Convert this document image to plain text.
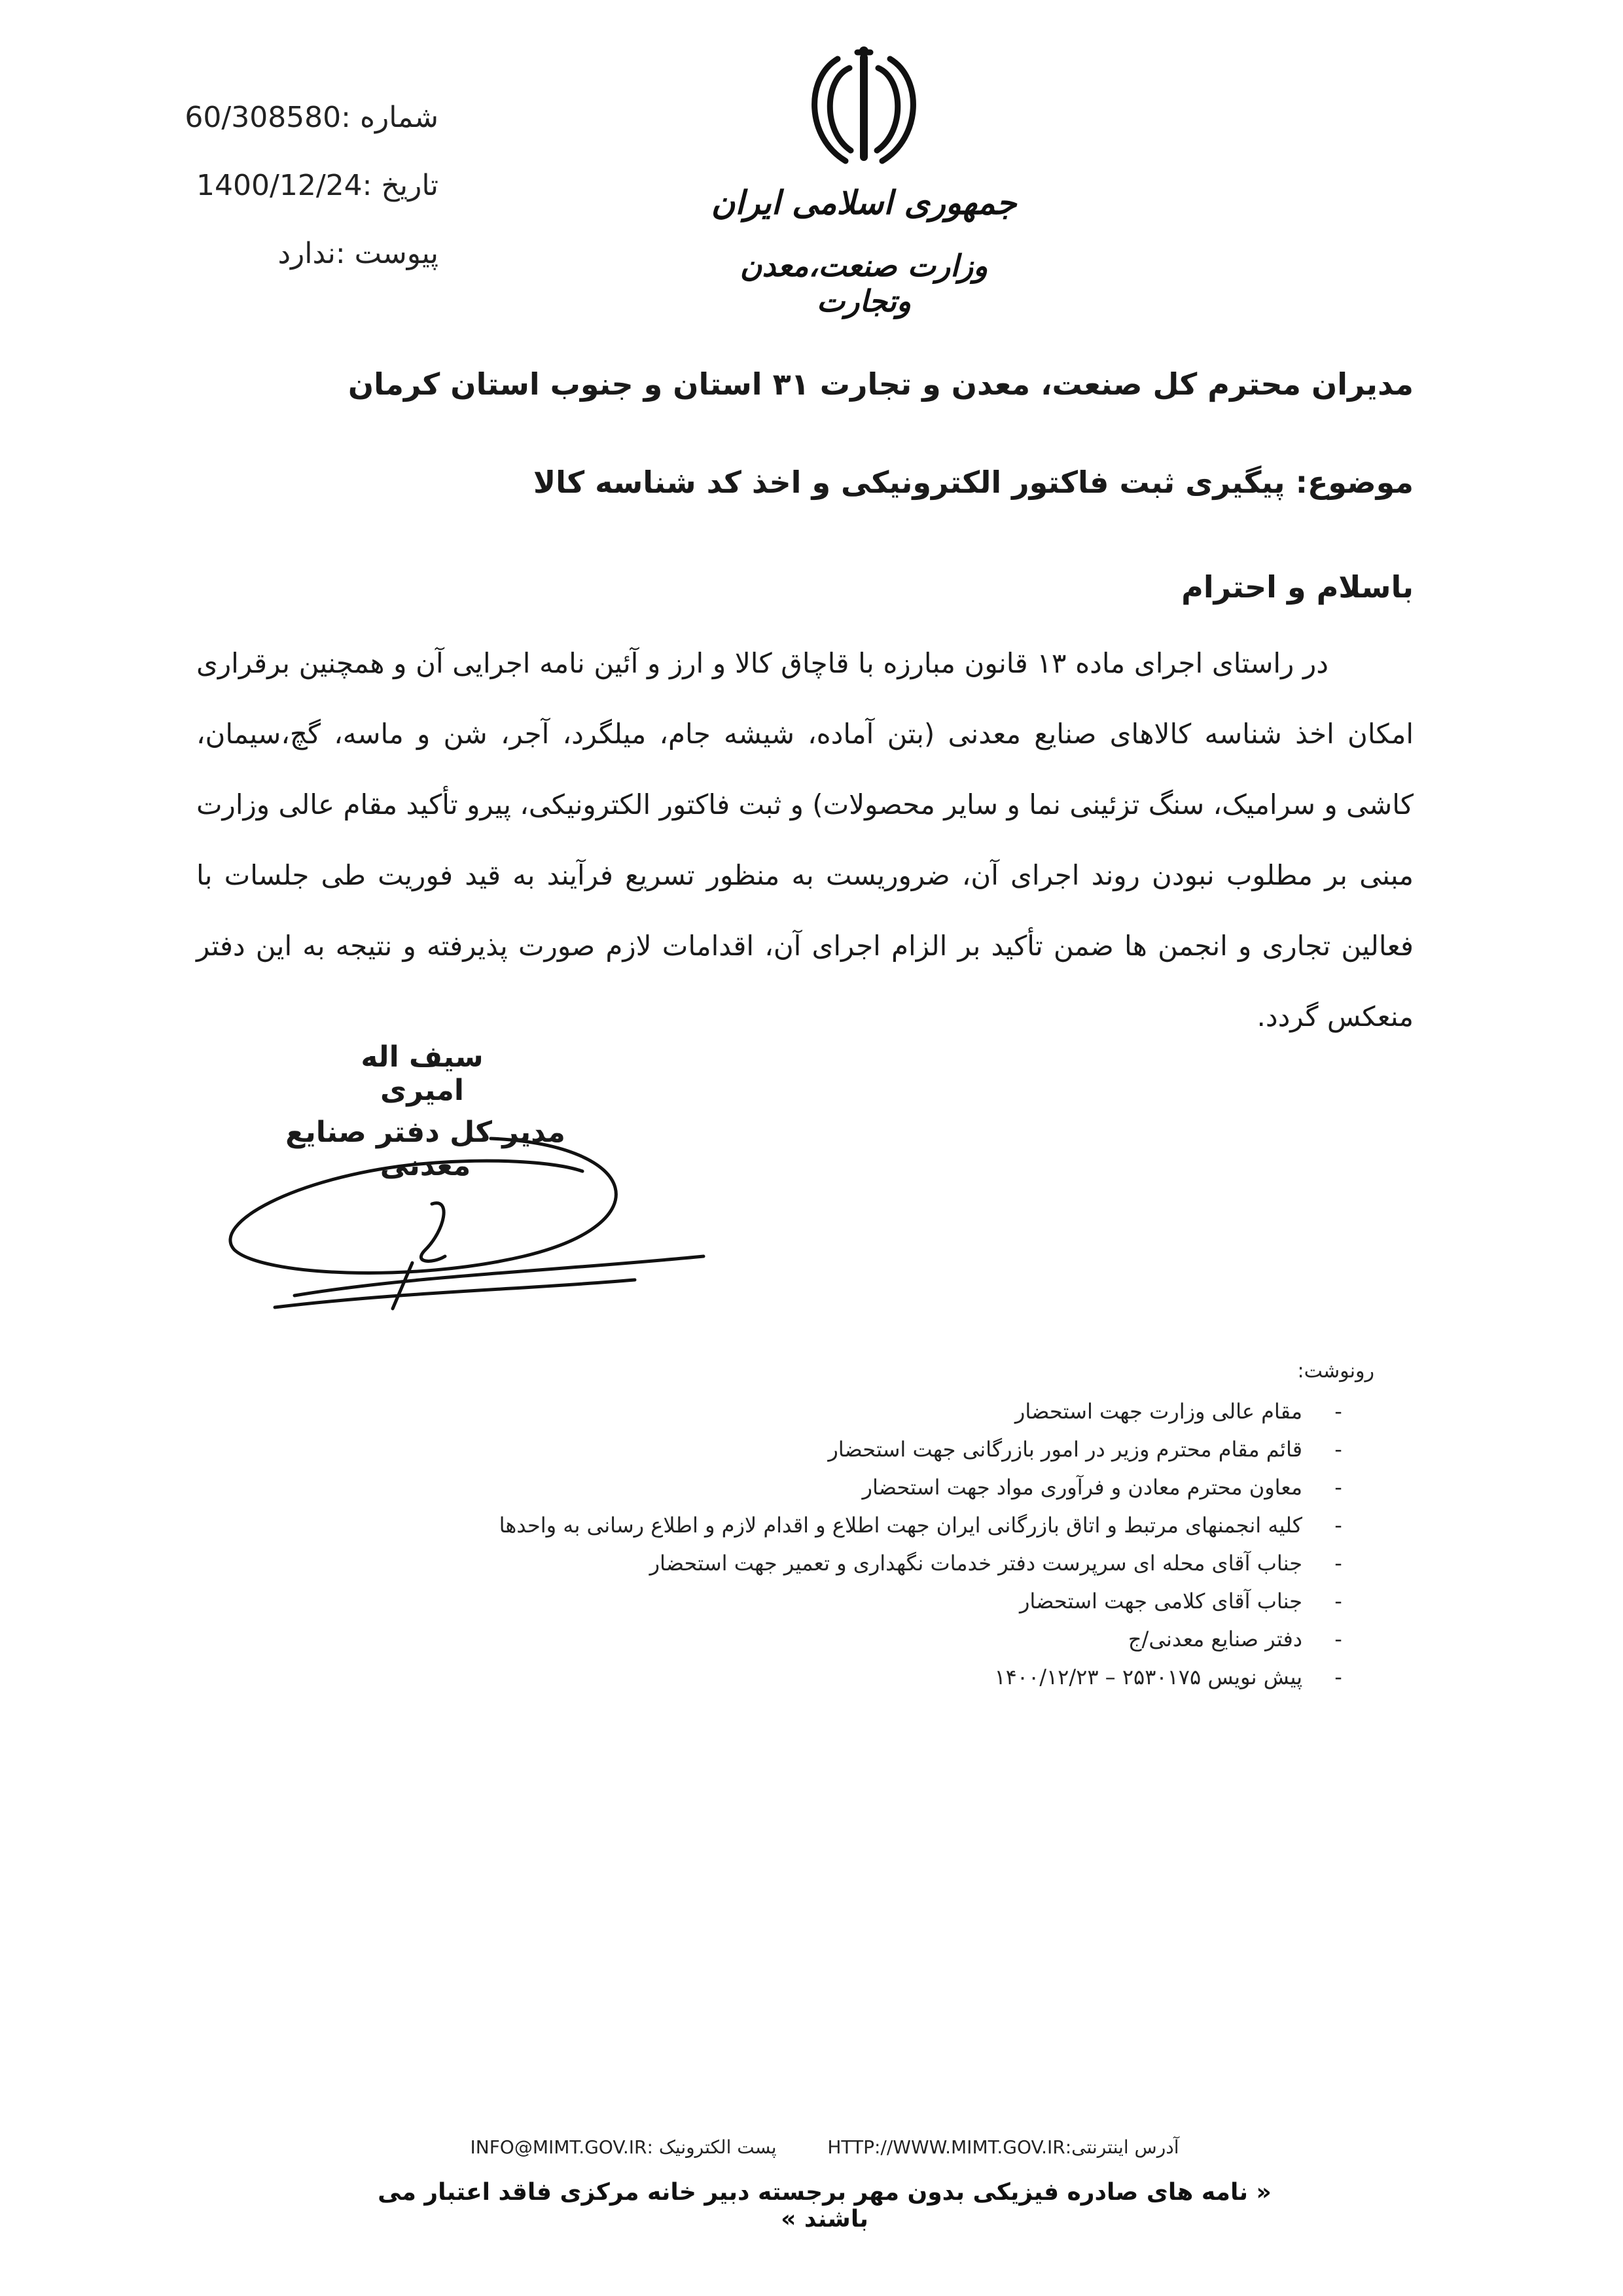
جمهوری اسلامی ایران
وزارت صنعت،معدن وتجارت
شماره :60/308580
تاریخ :1400/12/24
پیوست :ندارد
مدیران محترم کل صنعت، معدن و تجارت ۳۱ استان و جنوب استان کرمان
موضوع: پیگیری ثبت فاکتور الکترونیکی و اخذ کد شناسه کالا
باسلام و احترام
در راستای اجرای ماده ۱۳ قانون مبارزه با قاچاق کالا و ارز و آئین نامه اجرایی آن و همچنین برقراری امکان اخذ شناسه کالاهای صنایع معدنی (بتن آماده، شیشه جام، میلگرد، آجر، شن و ماسه، گچ،سیمان، کاشی و سرامیک، سنگ تزئینی نما و سایر محصولات) و ثبت فاکتور الکترونیکی، پیرو تأکید مقام عالی وزارت مبنی بر مطلوب نبودن روند اجرای آن، ضروریست به منظور تسریع فرآیند به قید فوریت طی جلسات با فعالین تجاری و انجمن ها ضمن تأکید بر الزام اجرای آن، اقدامات لازم صورت پذیرفته و نتیجه به این دفتر منعکس گردد.
سیف اله امیری
مدیر کل دفتر صنایع معدنی
رونوشت:
-مقام عالی وزارت جهت استحضار
-قائم مقام محترم وزیر در امور بازرگانی جهت استحضار
-معاون محترم معادن و فرآوری مواد جهت استحضار
-کلیه انجمنهای مرتبط و اتاق بازرگانی ایران جهت اطلاع و اقدام لازم و اطلاع رسانی به واحدها
-جناب آقای محله ای سرپرست دفتر خدمات نگهداری و تعمیر جهت استحضار
-جناب آقای کلامی جهت استحضار
-دفتر صنایع معدنی/ج
-پیش نویس ۲۵۳۰۱۷۵ – ۱۴۰۰/۱۲/۲۳
آدرس اینترنتی:HTTP://WWW.MIMT.GOV.IR  پست الکترونیک :INFO@MIMT.GOV.IR
« نامه های صادره فیزیکی بدون مهر برجسته دبیر خانه مرکزی فاقد اعتبار می باشند »
